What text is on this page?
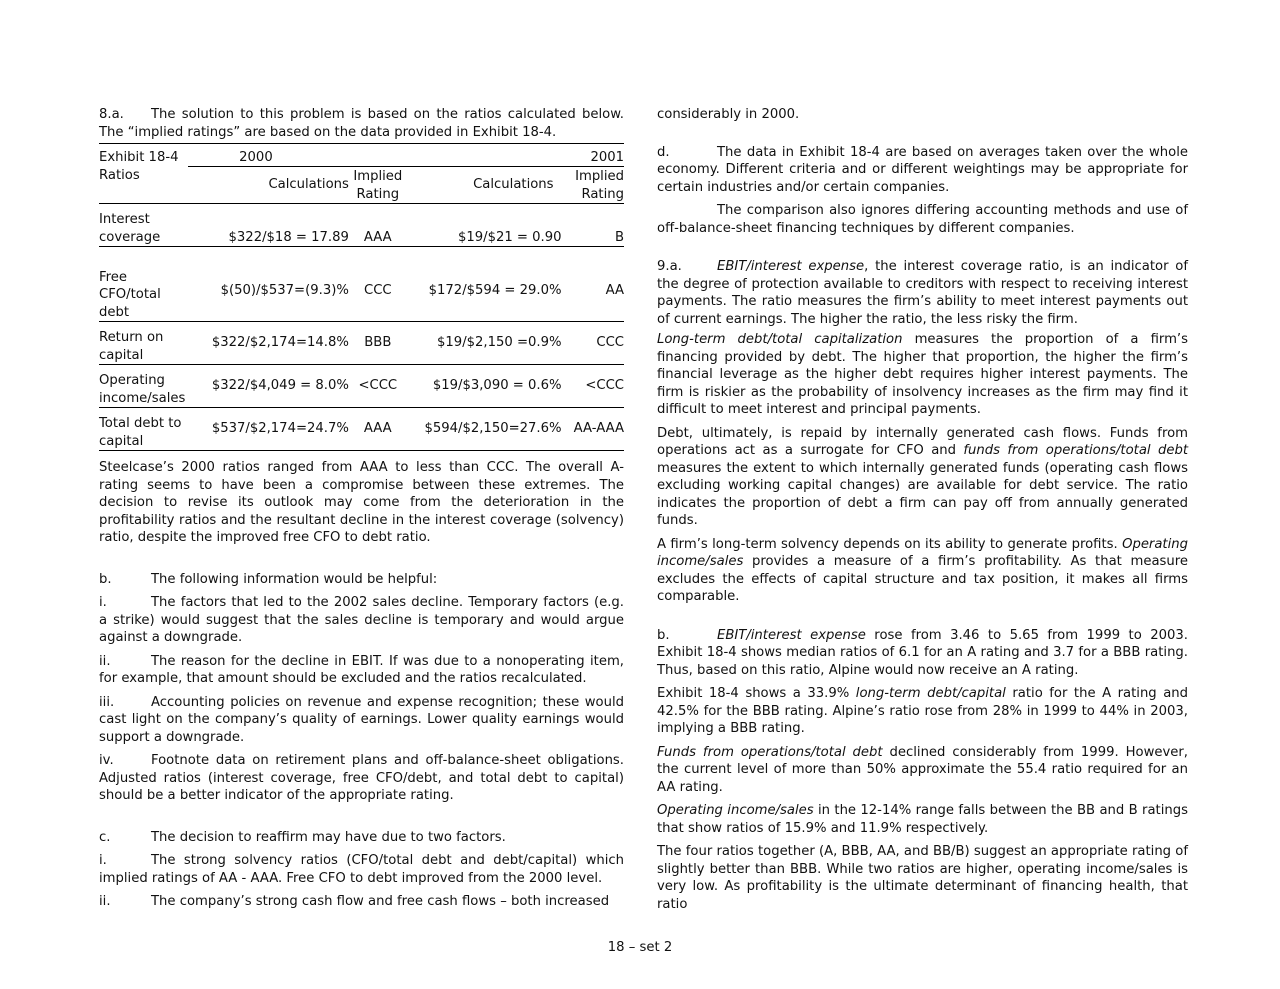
8.a. The solution to this problem is based on the ratios calculated below. The “implied ratings” are based on the data provided in Exhibit 18-4.

Exhibit 18-4	2000		2001	
Ratios	Calculations	Implied Rating	Calculations	Implied Rating
Interest coverage	$322/$18 = 17.89	AAA	$19/$21 = 0.90	B
Free CFO/total debt	$(50)/$537=(9.3)%	CCC	$172/$594 = 29.0%	AA
Return on capital	$322/$2,174=14.8%	BBB	$19/$2,150 =0.9%	CCC
Operating income/sales	$322/$4,049 = 8.0%	<CCC	$19/$3,090 = 0.6%	<CCC
Total debt to capital	$537/$2,174=24.7%	AAA	$594/$2,150=27.6%	AA-AAA

Steelcase’s 2000 ratios ranged from AAA to less than CCC. The overall A- rating seems to have been a compromise between these extremes. The decision to revise its outlook may come from the deterioration in the profitability ratios and the resultant decline in the interest coverage (solvency) ratio, despite the improved free CFO to debt ratio.

b.	The following information would be helpful:

i.	The factors that led to the 2002 sales decline. Temporary factors (e.g. a strike) would suggest that the sales decline is temporary and would argue against a downgrade.

ii.	The reason for the decline in EBIT. If was due to a nonoperating item, for example, that amount should be excluded and the ratios recalculated.

iii.	Accounting policies on revenue and expense recognition; these would cast light on the company’s quality of earnings. Lower quality earnings would support a downgrade.

iv.	Footnote data on retirement plans and off-balance-sheet obligations. Adjusted ratios (interest coverage, free CFO/debt, and total debt to capital) should be a better indicator of the appropriate rating.

c.	The decision to reaffirm may have due to two factors.

i.	The strong solvency ratios (CFO/total debt and debt/capital) which implied ratings of AA - AAA. Free CFO to debt improved from the 2000 level.

ii.	The company’s strong cash flow and free cash flows – both increased

considerably in 2000.

d.	The data in Exhibit 18-4 are based on averages taken over the whole economy. Different criteria and or different weightings may be appropriate for certain industries and/or certain companies.

The comparison also ignores differing accounting methods and use of off-balance-sheet financing techniques by different companies.

9.a.	EBIT/interest expense, the interest coverage ratio, is an indicator of the degree of protection available to creditors with respect to receiving interest payments. The ratio measures the firm’s ability to meet interest payments out of current earnings. The higher the ratio, the less risky the firm.

Long-term debt/total capitalization measures the proportion of a firm’s financing provided by debt. The higher that proportion, the higher the firm’s financial leverage as the higher debt requires higher interest payments. The firm is riskier as the probability of insolvency increases as the firm may find it difficult to meet interest and principal payments.

Debt, ultimately, is repaid by internally generated cash flows. Funds from operations act as a surrogate for CFO and funds from operations/total debt measures the extent to which internally generated funds (operating cash flows excluding working capital changes) are available for debt service. The ratio indicates the proportion of debt a firm can pay off from annually generated funds.

A firm’s long-term solvency depends on its ability to generate profits. Operating income/sales provides a measure of a firm’s profitability. As that measure excludes the effects of capital structure and tax position, it makes all firms comparable.

b.	EBIT/interest expense rose from 3.46 to 5.65 from 1999 to 2003. Exhibit 18-4 shows median ratios of 6.1 for an A rating and 3.7 for a BBB rating. Thus, based on this ratio, Alpine would now receive an A rating.

Exhibit 18-4 shows a 33.9% long-term debt/capital ratio for the A rating and 42.5% for the BBB rating. Alpine’s ratio rose from 28% in 1999 to 44% in 2003, implying a BBB rating.

Funds from operations/total debt declined considerably from 1999. However, the current level of more than 50% approximate the 55.4 ratio required for an AA rating.

Operating income/sales in the 12-14% range falls between the BB and B ratings that show ratios of 15.9% and 11.9% respectively.

The four ratios together (A, BBB, AA, and BB/B) suggest an appropriate rating of slightly better than BBB. While two ratios are higher, operating income/sales is very low. As profitability is the ultimate determinant of financing health, that ratio

18 – set 2
